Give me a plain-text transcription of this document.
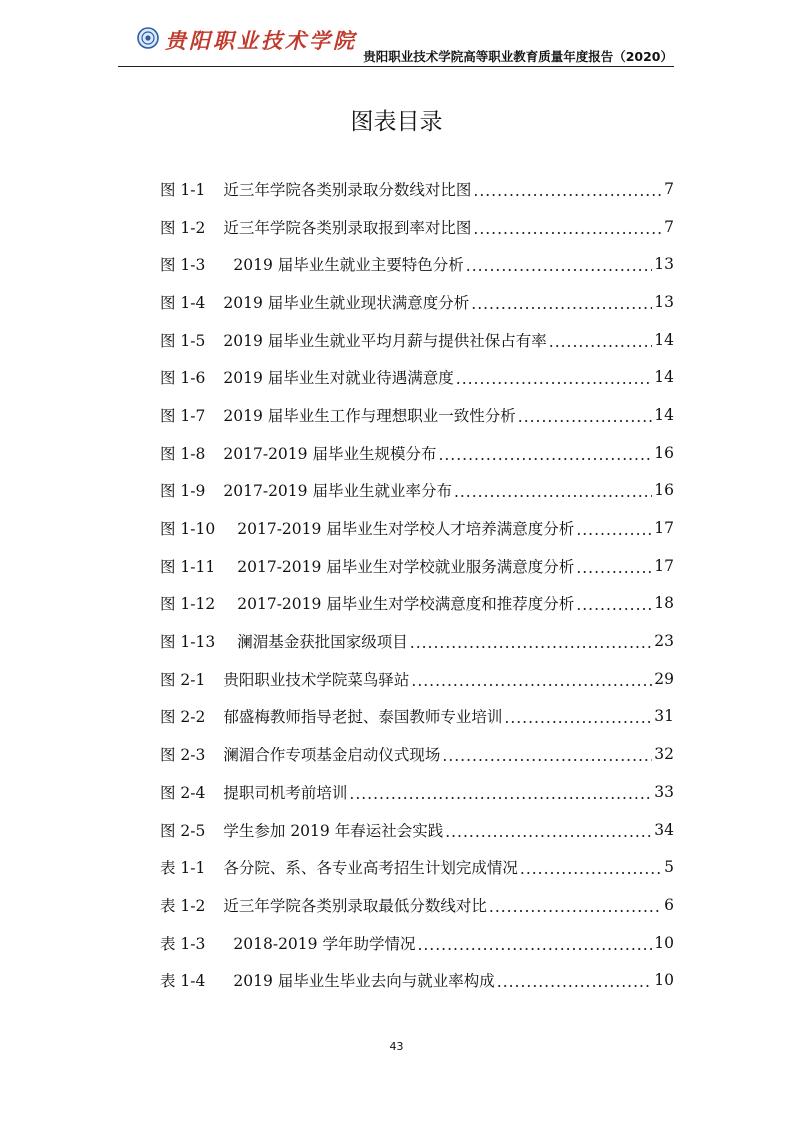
贵阳职业技术学院
贵阳职业技术学院高等职业教育质量年度报告（2020）
图表目录
图 1-1 近三年学院各类别录取分数线对比图 .....	7
图 1-2 近三年学院各类别录取报到率对比图 .....	7
图 1-3 2019 届毕业生就业主要特色分析 .....	13
图 1-4 2019 届毕业生就业现状满意度分析 .....	13
图 1-5 2019 届毕业生就业平均月薪与提供社保占有率 .....	14
图 1-6 2019 届毕业生对就业待遇满意度 .....	14
图 1-7 2019 届毕业生工作与理想职业一致性分析 .....	14
图 1-8 2017-2019 届毕业生规模分布 .....	16
图 1-9 2017-2019 届毕业生就业率分布 .....	16
图 1-10 2017-2019 届毕业生对学校人才培养满意度分析 .....	17
图 1-11 2017-2019 届毕业生对学校就业服务满意度分析 .....	17
图 1-12 2017-2019 届毕业生对学校满意度和推荐度分析 .....	18
图 1-13 澜湄基金获批国家级项目 .....	23
图 2-1 贵阳职业技术学院菜鸟驿站 .....	29
图 2-2 郁盛梅教师指导老挝、泰国教师专业培训 .....	31
图 2-3 澜湄合作专项基金启动仪式现场 .....	32
图 2-4 提职司机考前培训 .....	33
图 2-5 学生参加 2019 年春运社会实践 .....	34
表 1-1 各分院、系、各专业高考招生计划完成情况 .....	5
表 1-2 近三年学院各类别录取最低分数线对比 .....	6
表 1-3 2018-2019 学年助学情况 .....	10
表 1-4 2019 届毕业生毕业去向与就业率构成 .....	10
43
